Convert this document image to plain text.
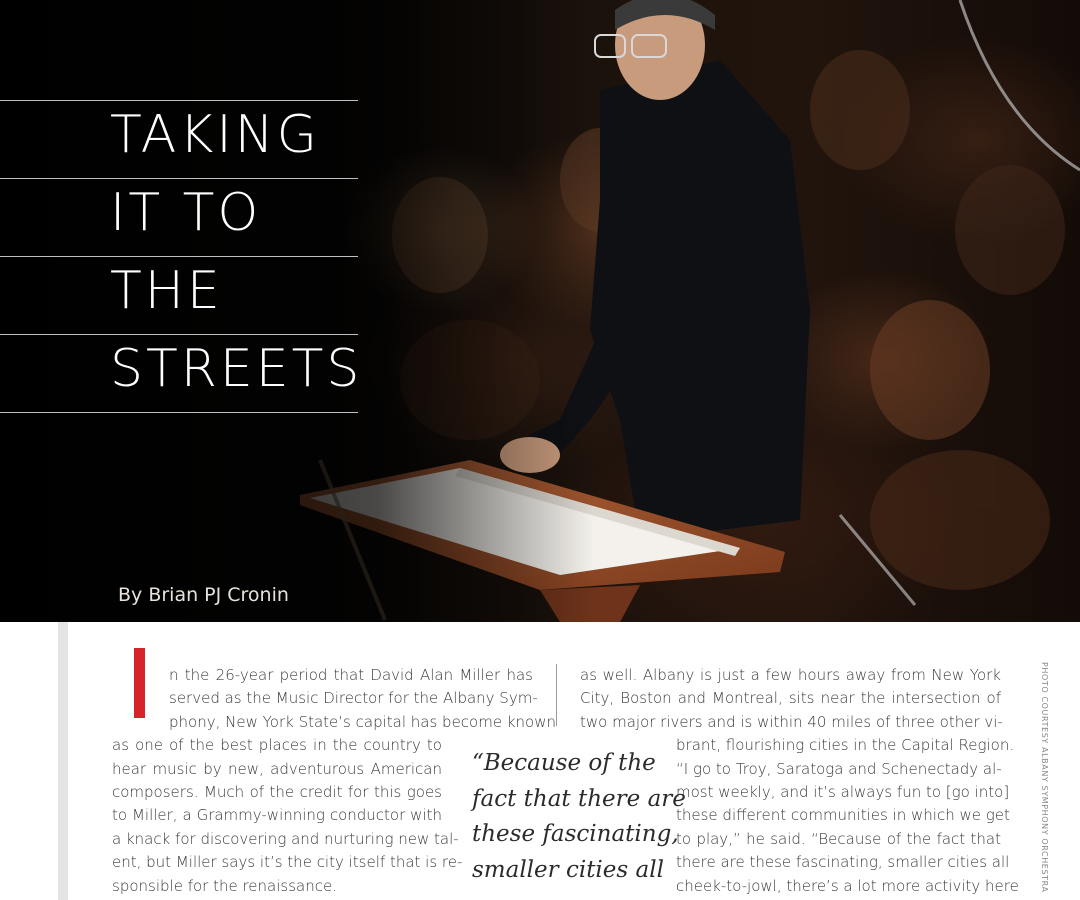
TAKING
IT TO
THE
STREETS
By Brian PJ Cronin

n the 26-year period that David Alan Miller has

served as the Music Director for the Albany Sym-

phony, New York State’s capital has become known

as one of the best places in the country to

hear music by new, adventurous American

composers. Much of the credit for this goes

to Miller, a Grammy-winning conductor with

a knack for discovering and nurturing new tal-

ent, but Miller says it’s the city itself that is re-

sponsible for the renaissance.

as well. Albany is just a few hours away from New York

City, Boston and Montreal, sits near the intersection of

two major rivers and is within 40 miles of three other vi-

brant, flourishing cities in the Capital Region.

“I go to Troy, Saratoga and Schenectady al-

most weekly, and it’s always fun to [go into]

these different communities in which we get

to play,” he said. “Because of the fact that

there are these fascinating, smaller cities all

cheek-to-jowl, there’s a lot more activity here

“Because of the

fact that there are

these fascinating,

smaller cities all	PHOTO COURTESY ALBANY SYMPHONY ORCHESTRA
